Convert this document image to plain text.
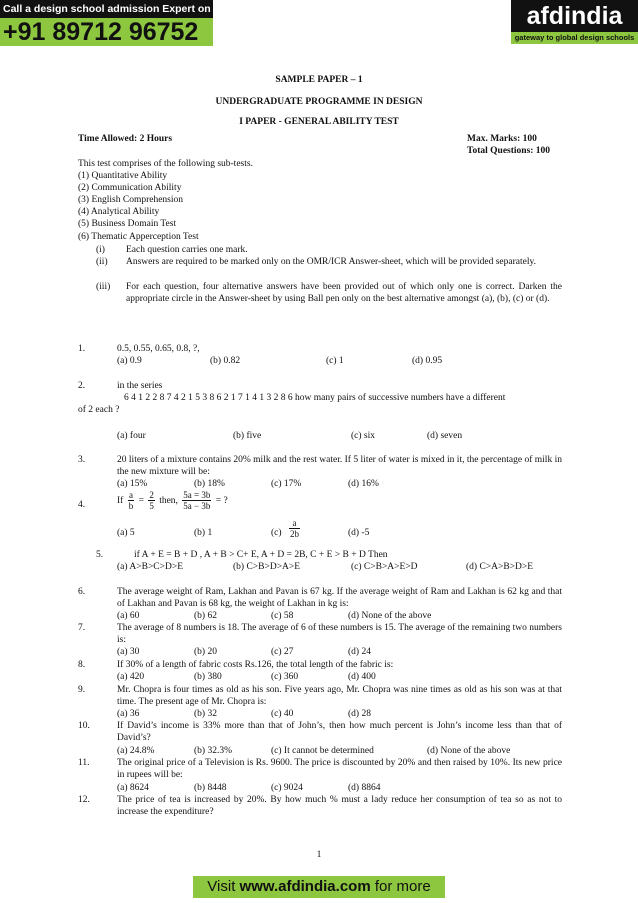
Call a design school admission Expert on
+91 89712 96752
afdindia
gateway to global design schools
SAMPLE PAPER – 1
UNDERGRADUATE PROGRAMME IN DESIGN
I PAPER - GENERAL ABILITY TEST
Time Allowed: 2 Hours	Max. Marks: 100
Total Questions: 100
This test comprises of the following sub-tests.
(1) Quantitative Ability
(2) Communication Ability
(3) English Comprehension
(4) Analytical Ability
(5) Business Domain Test
(6) Thematic Apperception Test
(i) Each question carries one mark.
(ii) Answers are required to be marked only on the OMR/ICR Answer-sheet, which will be provided separately.
(iii) For each question, four alternative answers have been provided out of which only one is correct. Darken the appropriate circle in the Answer-sheet by using Ball pen only on the best alternative amongst (a), (b), (c) or (d).
1.	0.5, 0.55, 0.65, 0.8, ?,
(a) 0.9	(b) 0.82	(c) 1	(d) 0.95
2.	in the series
6 4 1 2 2 8 7 4 2 1 5 3 8 6 2 1 7 1 4 1 3 2 8 6 how many pairs of successive numbers have a different
of 2 each ?
(a) four	(b) five	(c) six	(d) seven
3.	20 liters of a mixture contains 20% milk and the rest water. If 5 liter of water is mixed in it, the percentage of milk in the new mixture will be:
(a) 15%	(b) 18%	(c) 17%	(d) 16%
4.	If $\frac{a}{b} = \frac{2}{5}$ then, $\frac{5a = 3b}{5a - 3b}$ = ?
(a) 5	(b) 1	$(c) \frac{a}{2b}$	(d) -5
5.	if A + E = B + D , A + B > C+ E, A + D = 2B, C + E > B + D Then
(a) A>B>C>D>E	(b) C>B>D>A>E	(c) C>B>A>E>D	(d) C>A>B>D>E
6.	The average weight of Ram, Lakhan and Pavan is 67 kg. If the average weight of Ram and Lakhan is 62 kg and that of Lakhan and Pavan is 68 kg, the weight of Lakhan in kg is:
(a) 60	(b) 62	(c) 58	(d) None of the above
7.	The average of 8 numbers is 18. The average of 6 of these numbers is 15. The average of the remaining two numbers is:
(a) 30	(b) 20	(c) 27	(d) 24
8.	If 30% of a length of fabric costs Rs.126, the total length of the fabric is:
(a) 420	(b) 380	(c) 360	(d) 400
9.	Mr. Chopra is four times as old as his son. Five years ago, Mr. Chopra was nine times as old as his son was at that time. The present age of Mr. Chopra is:
(a) 36	(b) 32	(c) 40	(d) 28
10.	If David’s income is 33% more than that of John’s, then how much percent is John’s income less than that of David’s?
(a) 24.8%	(b) 32.3%	(c) It cannot be determined	(d) None of the above
11.	The original price of a Television is Rs. 9600. The price is discounted by 20% and then raised by 10%. Its new price in rupees will be:
(a) 8624	(b) 8448	(c) 9024	(d) 8864
12.	The price of tea is increased by 20%. By how much % must a lady reduce her consumption of tea so as not to increase the expenditure?
1
Visit www.afdindia.com for more
